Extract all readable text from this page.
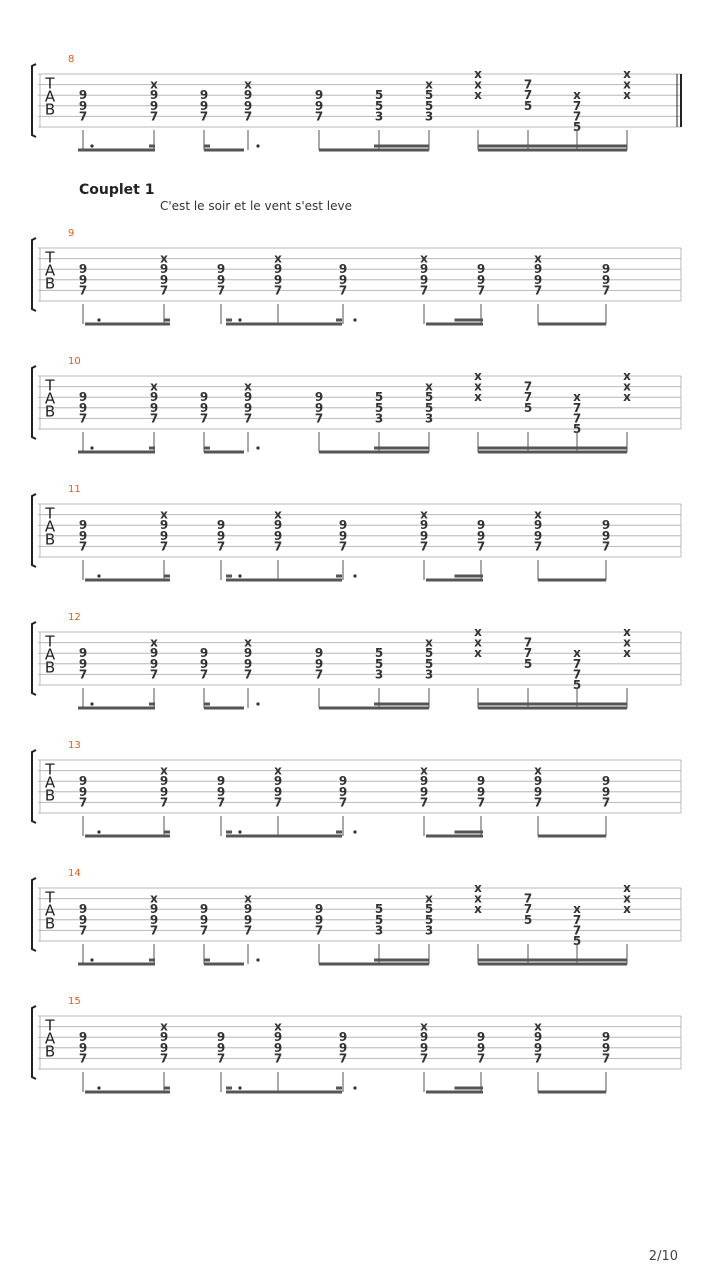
8
T
A
B
9
9
7
x
9
9
7
9
9
7
x
9
9
7
9
9
7
5
5
3
x
5
5
3
x
x
x
7
7
5
x
7
7
5
x
x
x
9
T
A
B
9
9
7
x
9
9
7
9
9
7
x
9
9
7
9
9
7
x
9
9
7
9
9
7
x
9
9
7
9
9
7
10
T
A
B
9
9
7
x
9
9
7
9
9
7
x
9
9
7
9
9
7
5
5
3
x
5
5
3
x
x
x
7
7
5
x
7
7
5
x
x
x
11
T
A
B
9
9
7
x
9
9
7
9
9
7
x
9
9
7
9
9
7
x
9
9
7
9
9
7
x
9
9
7
9
9
7
12
T
A
B
9
9
7
x
9
9
7
9
9
7
x
9
9
7
9
9
7
5
5
3
x
5
5
3
x
x
x
7
7
5
x
7
7
5
x
x
x
13
T
A
B
9
9
7
x
9
9
7
9
9
7
x
9
9
7
9
9
7
x
9
9
7
9
9
7
x
9
9
7
9
9
7
14
T
A
B
9
9
7
x
9
9
7
9
9
7
x
9
9
7
9
9
7
5
5
3
x
5
5
3
x
x
x
7
7
5
x
7
7
5
x
x
x
15
T
A
B
9
9
7
x
9
9
7
9
9
7
x
9
9
7
9
9
7
x
9
9
7
9
9
7
x
9
9
7
9
9
7
Couplet 1
C'est le soir et le vent s'est leve
2/10
